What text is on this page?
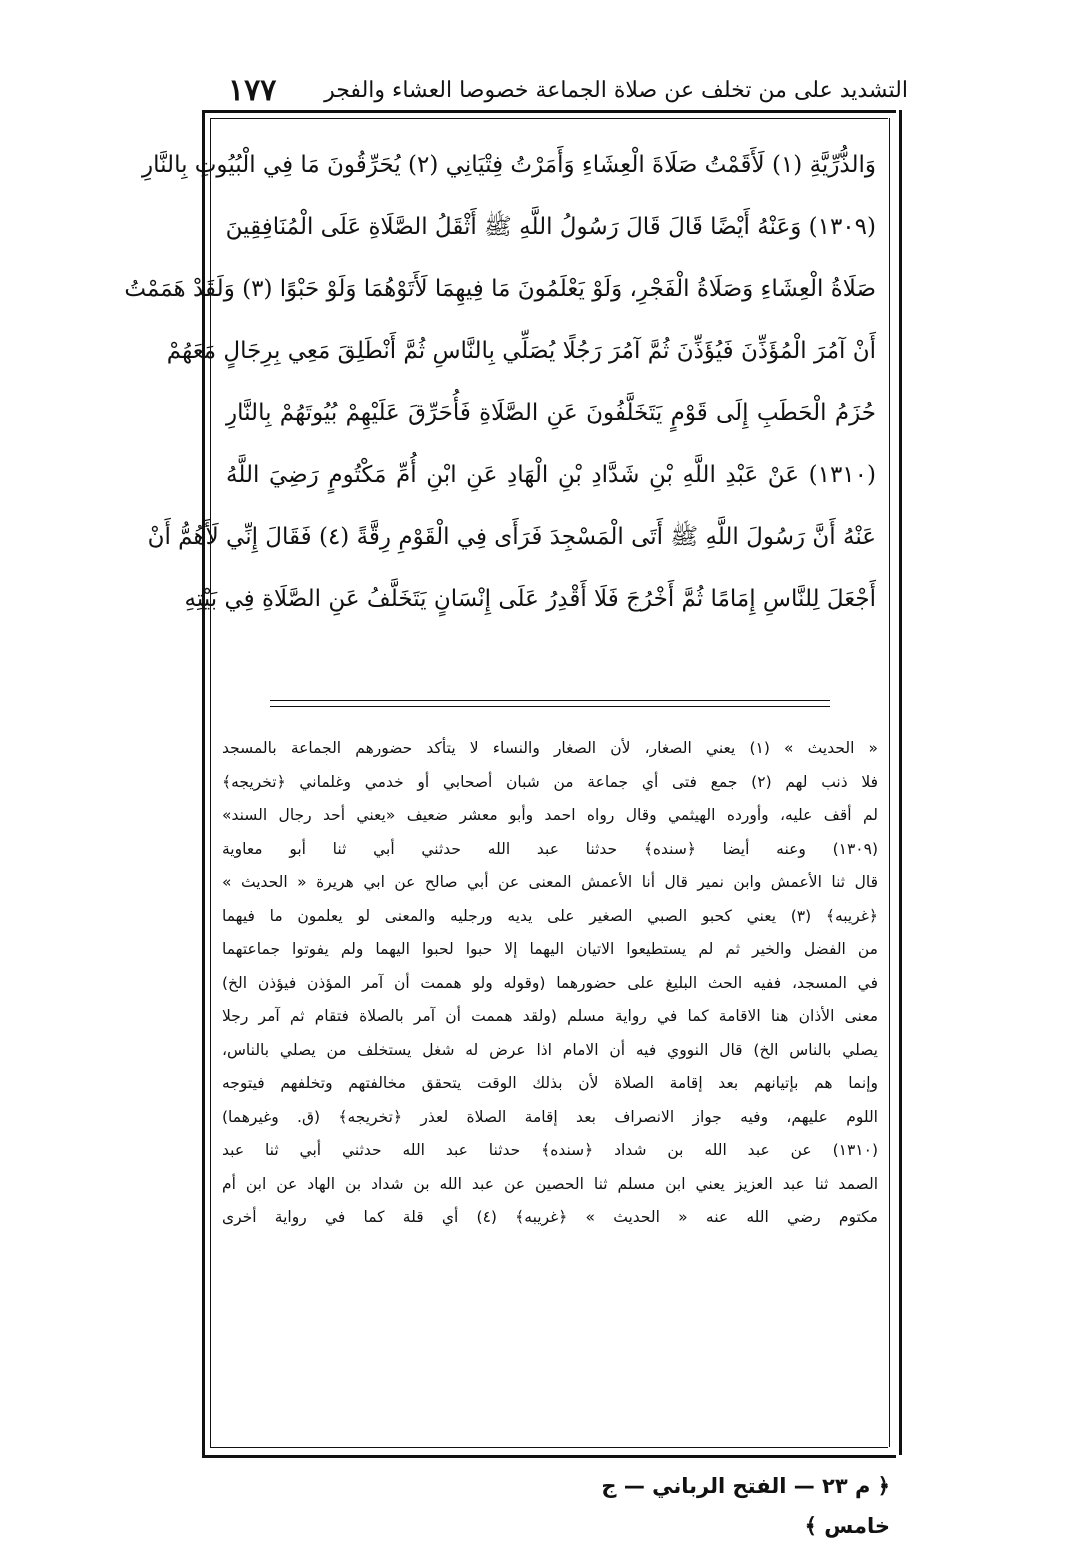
التشديد على من تخلف عن صلاة الجماعة خصوصا العشاء والفجر
١٧٧
وَالذُّرِّيَّةِ (١) لَأَقَمْتُ صَلَاةَ الْعِشَاءِ وَأَمَرْتُ فِتْيَانِي (٢) يُحَرِّقُونَ مَا فِي الْبُيُوتِ بِالنَّارِ
(١٣٠٩) وَعَنْهُ أَيْضًا قَالَ قَالَ رَسُولُ اللَّهِ ﷺ أَثْقَلُ الصَّلَاةِ عَلَى الْمُنَافِقِينَ
صَلَاةُ الْعِشَاءِ وَصَلَاةُ الْفَجْرِ، وَلَوْ يَعْلَمُونَ مَا فِيهِمَا لَأَتَوْهُمَا وَلَوْ حَبْوًا (٣) وَلَقَدْ هَمَمْتُ
أَنْ آمُرَ الْمُؤَذِّنَ فَيُؤَذِّنَ ثُمَّ آمُرَ رَجُلًا يُصَلِّي بِالنَّاسِ ثُمَّ أَنْطَلِقَ مَعِي بِرِجَالٍ مَعَهُمْ
حُزَمُ الْحَطَبِ إِلَى قَوْمٍ يَتَخَلَّفُونَ عَنِ الصَّلَاةِ فَأُحَرِّقَ عَلَيْهِمْ بُيُوتَهُمْ بِالنَّارِ
(١٣١٠) عَنْ عَبْدِ اللَّهِ بْنِ شَدَّادِ بْنِ الْهَادِ عَنِ ابْنِ أُمِّ مَكْتُومٍ رَضِيَ اللَّهُ
عَنْهُ أَنَّ رَسُولَ اللَّهِ ﷺ أَتَى الْمَسْجِدَ فَرَأَى فِي الْقَوْمِ رِقَّةً (٤) فَقَالَ إِنِّي لَأَهُمُّ أَنْ
أَجْعَلَ لِلنَّاسِ إِمَامًا ثُمَّ أَخْرُجَ فَلَا أَقْدِرُ عَلَى إِنْسَانٍ يَتَخَلَّفُ عَنِ الصَّلَاةِ فِي بَيْتِهِ
« الحديث » (١) يعني الصغار، لأن الصغار والنساء لا يتأكد حضورهم الجماعة بالمسجد
فلا ذنب لهم (٢) جمع فتى أي جماعة من شبان أصحابي أو خدمي وغلماني ﴿تخريجه﴾
لم أقف عليه، وأورده الهيثمي وقال رواه احمد وأبو معشر ضعيف «يعني أحد رجال السند»
(١٣٠٩) وعنه أيضا ﴿سنده﴾ حدثنا عبد الله حدثني أبي ثنا أبو معاوية
قال ثنا الأعمش وابن نمير قال أنا الأعمش المعنى عن أبي صالح عن ابي هريرة « الحديث »
﴿غريبه﴾ (٣) يعني كحبو الصبي الصغير على يديه ورجليه والمعنى لو يعلمون ما فيهما
من الفضل والخير ثم لم يستطيعوا الاتيان اليهما إلا حبوا لحبوا اليهما ولم يفوتوا جماعتهما
في المسجد، ففيه الحث البليغ على حضورهما (وقوله ولو هممت أن آمر المؤذن فيؤذن الخ)
معنى الأذان هنا الاقامة كما في رواية مسلم (ولقد هممت أن آمر بالصلاة فتقام ثم آمر رجلا
يصلي بالناس الخ) قال النووي فيه أن الامام اذا عرض له شغل يستخلف من يصلي بالناس،
وإنما هم بإتيانهم بعد إقامة الصلاة لأن بذلك الوقت يتحقق مخالفتهم وتخلفهم فيتوجه
اللوم عليهم، وفيه جواز الانصراف بعد إقامة الصلاة لعذر ﴿تخريجه﴾ (ق. وغيرهما)
(١٣١٠) عن عبد الله بن شداد ﴿سنده﴾ حدثنا عبد الله حدثني أبي ثنا عبد
الصمد ثنا عبد العزيز يعني ابن مسلم ثنا الحصين عن عبد الله بن شداد بن الهاد عن ابن أم
مكتوم رضي الله عنه « الحديث » ﴿غريبه﴾ (٤) أي قلة كما في رواية أخرى
﴿ م ٢٣ — الفتح الرباني — ج خامس ﴾
